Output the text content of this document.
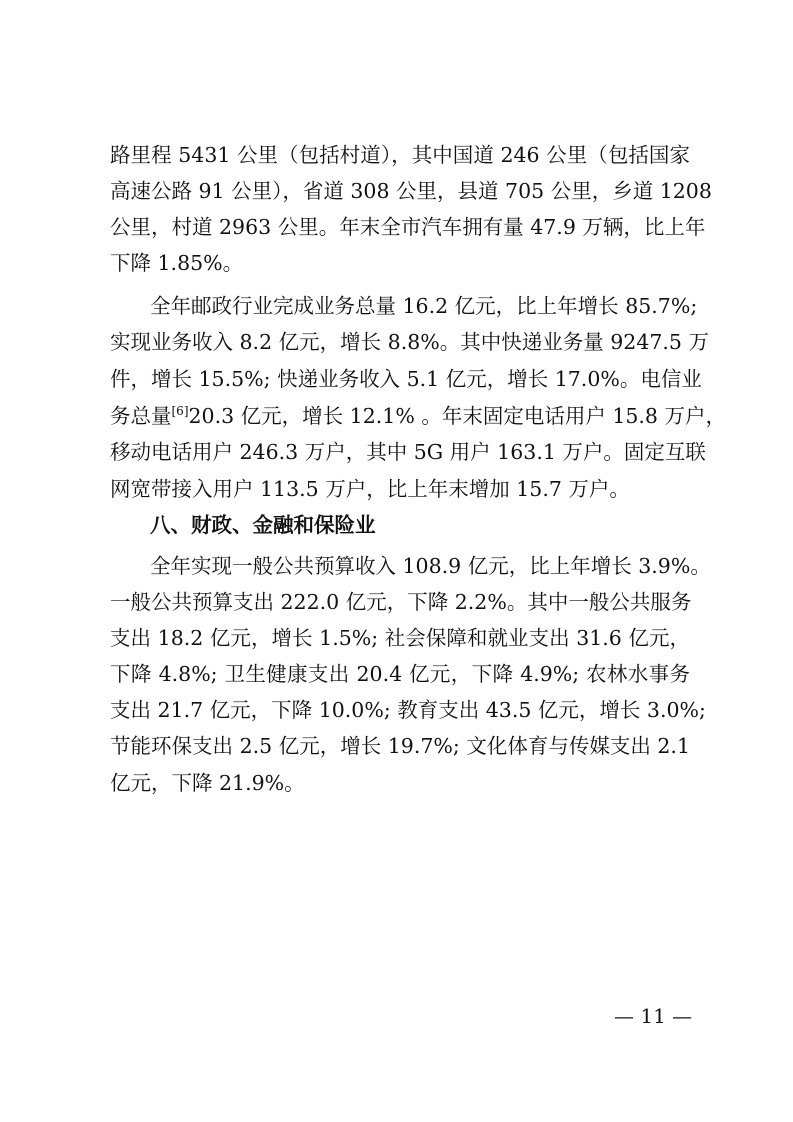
路里程 5431 公里（包括村道），其中国道 246 公里（包括国家
高速公路 91 公里），省道 308 公里，县道 705 公里，乡道 1208
公里，村道 2963 公里。年末全市汽车拥有量 47.9 万辆，比上年
下降 1.85%。
全年邮政行业完成业务总量 16.2 亿元，比上年增长 85.7%;
实现业务收入 8.2 亿元，增长 8.8%。其中快递业务量 9247.5 万
件，增长 15.5%; 快递业务收入 5.1 亿元，增长 17.0%。电信业
务总量[6]20.3 亿元，增长 12.1% 。年末固定电话用户 15.8 万户，
移动电话用户 246.3 万户，其中 5G 用户 163.1 万户。固定互联
网宽带接入用户 113.5 万户，比上年末增加 15.7 万户。
八、财政、金融和保险业
全年实现一般公共预算收入 108.9 亿元，比上年增长 3.9%。
一般公共预算支出 222.0 亿元，下降 2.2%。其中一般公共服务
支出 18.2 亿元，增长 1.5%; 社会保障和就业支出 31.6 亿元，
下降 4.8%; 卫生健康支出 20.4 亿元，下降 4.9%; 农林水事务
支出 21.7 亿元，下降 10.0%; 教育支出 43.5 亿元，增长 3.0%;
节能环保支出 2.5 亿元，增长 19.7%; 文化体育与传媒支出 2.1
亿元，下降 21.9%。
— 11 —
